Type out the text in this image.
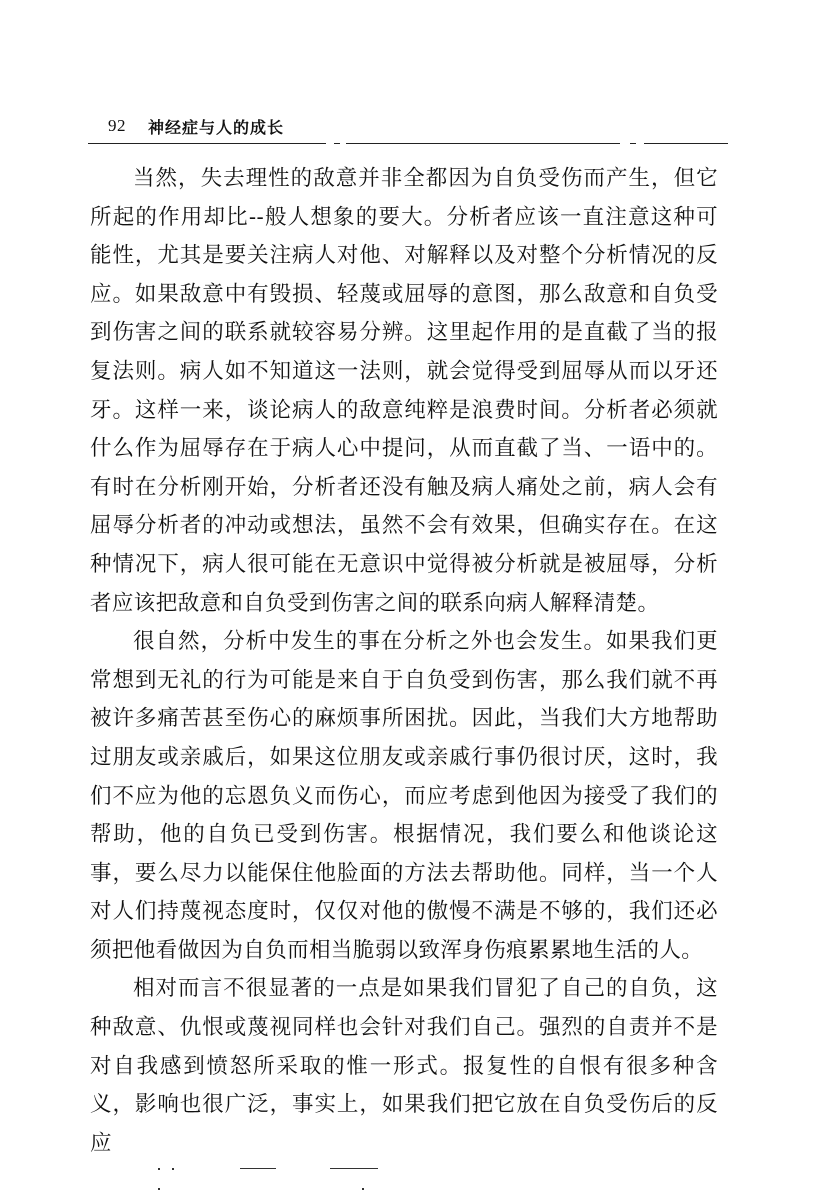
92 神经症与人的成长

当然，失去理性的敌意并非全都因为自负受伤而产生，但它所起的作用却比--般人想象的要大。分析者应该一直注意这种可能性，尤其是要关注病人对他、对解释以及对整个分析情况的反应。如果敌意中有毁损、轻蔑或屈辱的意图，那么敌意和自负受到伤害之间的联系就较容易分辨。这里起作用的是直截了当的报复法则。病人如不知道这一法则，就会觉得受到屈辱从而以牙还牙。这样一来，谈论病人的敌意纯粹是浪费时间。分析者必须就什么作为屈辱存在于病人心中提问，从而直截了当、一语中的。有时在分析刚开始，分析者还没有触及病人痛处之前，病人会有屈辱分析者的冲动或想法，虽然不会有效果，但确实存在。在这种情况下，病人很可能在无意识中觉得被分析就是被屈辱，分析者应该把敌意和自负受到伤害之间的联系向病人解释清楚。

很自然，分析中发生的事在分析之外也会发生。如果我们更常想到无礼的行为可能是来自于自负受到伤害，那么我们就不再被许多痛苦甚至伤心的麻烦事所困扰。因此，当我们大方地帮助过朋友或亲戚后，如果这位朋友或亲戚行事仍很讨厌，这时，我们不应为他的忘恩负义而伤心，而应考虑到他因为接受了我们的帮助，他的自负已受到伤害。根据情况，我们要么和他谈论这事，要么尽力以能保住他脸面的方法去帮助他。同样，当一个人对人们持蔑视态度时，仅仅对他的傲慢不满是不够的，我们还必须把他看做因为自负而相当脆弱以致浑身伤痕累累地生活的人。

相对而言不很显著的一点是如果我们冒犯了自己的自负，这种敌意、仇恨或蔑视同样也会针对我们自己。强烈的自责并不是对自我感到愤怒所采取的惟一形式。报复性的自恨有很多种含义，影响也很广泛，事实上，如果我们把它放在自负受伤后的反应
